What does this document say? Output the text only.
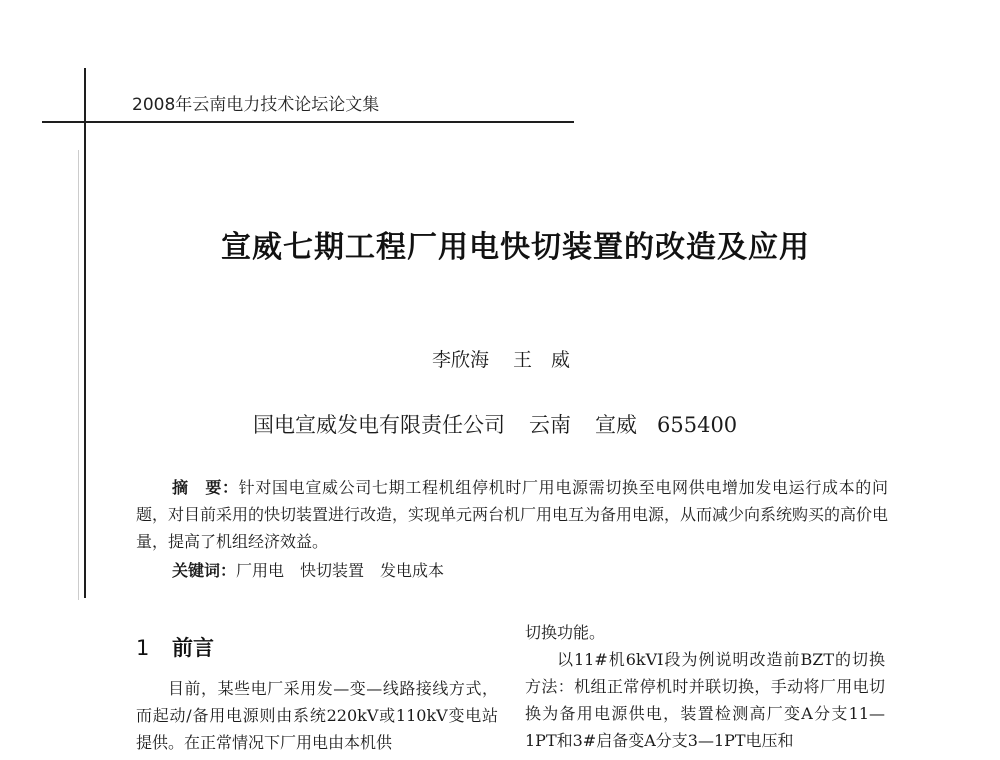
2008年云南电力技术论坛论文集
宣威七期工程厂用电快切装置的改造及应用
李欣海 王　威
国电宣威发电有限责任公司 云南 宣威 655400

摘　要：针对国电宣威公司七期工程机组停机时厂用电源需切换至电网供电增加发电运行成本的问题，对目前采用的快切装置进行改造，实现单元两台机厂用电互为备用电源，从而减少向系统购买的高价电量，提高了机组经济效益。

关键词：厂用电　快切装置　发电成本

1 前言

目前，某些电厂采用发—变—线路接线方式，而起动/备用电源则由系统220kV或110kV变电站提供。在正常情况下厂用电由本机供

切换功能。

以11#机6kVI段为例说明改造前BZT的切换方法：机组正常停机时并联切换，手动将厂用电切换为备用电源供电，装置检测高厂变A分支11—1PT和3#启备变A分支3—1PT电压和
